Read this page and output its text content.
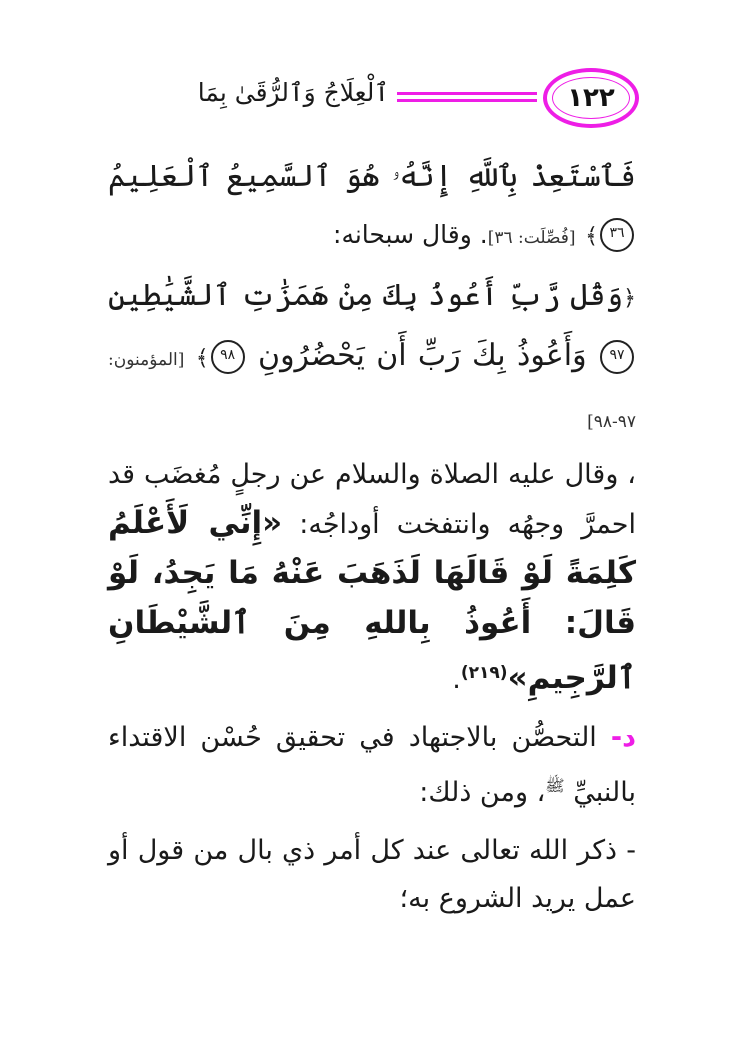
١٢٢
ٱلْعِلَاجُ وَٱلرُّقَىٰ بِمَا

فَٱسْتَعِذْ بِٱللَّهِ إِنَّهُۥ هُوَ ٱلسَّمِيعُ ٱلْعَلِيمُ ٣٦﴾ [فُصِّلَت: ٣٦]. وقال سبحانه:

﴿وَقُل رَّبِّ أَعُوذُ بِكَ مِنْ هَمَزَٰتِ ٱلشَّيَٰطِينِ ٩٧ وَأَعُوذُ بِكَ رَبِّ أَن يَحْضُرُونِ ٩٨﴾ [المؤمنون: ٩٧-٩٨]

، وقال عليه الصلاة والسلام عن رجلٍ مُغضَب قد احمرَّ وجهُه وانتفخت أوداجُه: «إِنِّي لَأَعْلَمُ كَلِمَةً لَوْ قَالَهَا لَذَهَبَ عَنْهُ مَا يَجِدُ، لَوْ قَالَ: أَعُوذُ بِاللهِ مِنَ ٱلشَّيْطَانِ ٱلرَّجِيمِ»$^{(٢١٩)}$.

د- التحصُّن بالاجتهاد في تحقيق حُسْن الاقتداء بالنبيِّ $^ﷺ$، ومن ذلك:

- ذكر الله تعالى عند كل أمر ذي بال من قول أو عمل يريد الشروع به؛
